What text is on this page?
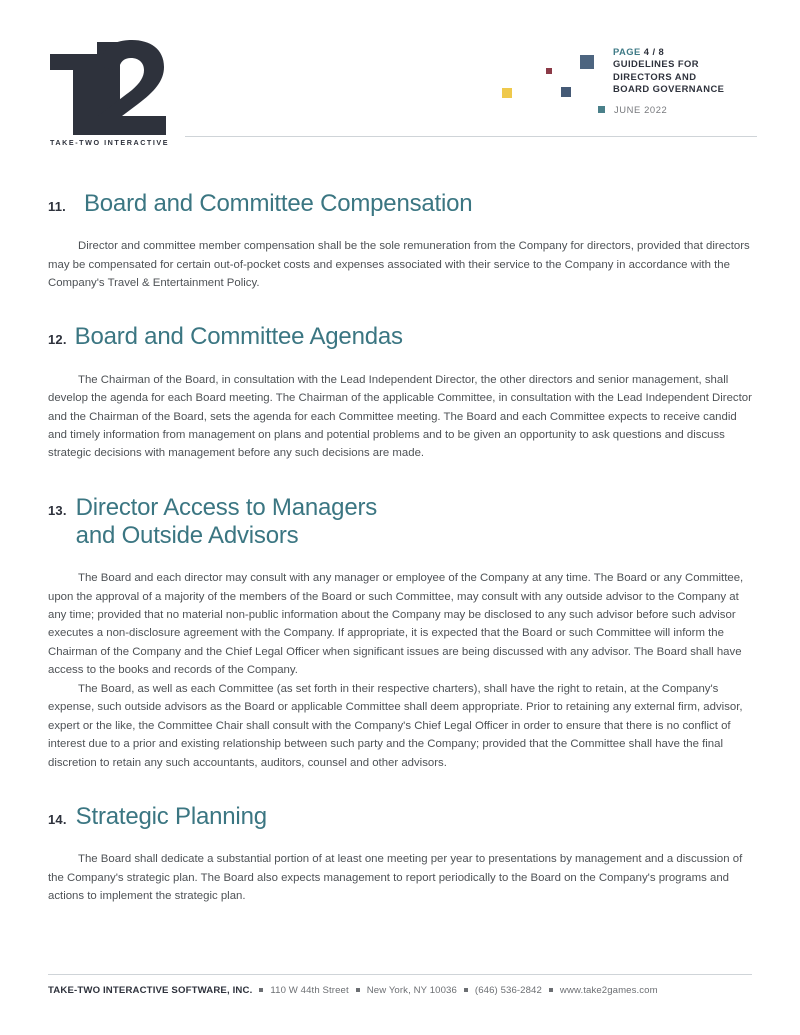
TAKE-TWO INTERACTIVE
PAGE 4 / 8
GUIDELINES FOR
DIRECTORS AND
BOARD GOVERNANCE
JUNE 2022
11. Board and Committee Compensation

Director and committee member compensation shall be the sole remuneration from the Company for directors, provided that directors may be compensated for certain out-of-pocket costs and expenses associated with their service to the Company in accordance with the Company's Travel & Entertainment Policy.

12. Board and Committee Agendas

The Chairman of the Board, in consultation with the Lead Independent Director, the other directors and senior management, shall develop the agenda for each Board meeting. The Chairman of the applicable Committee, in consultation with the Lead Independent Director and the Chairman of the Board, sets the agenda for each Committee meeting. The Board and each Committee expects to receive candid and timely information from management on plans and potential problems and to be given an opportunity to ask questions and discuss strategic decisions with management before any such decisions are made.

13. Director Access to Managers
and Outside Advisors

The Board and each director may consult with any manager or employee of the Company at any time. The Board or any Committee, upon the approval of a majority of the members of the Board or such Committee, may consult with any outside advisor to the Company at any time; provided that no material non-public information about the Company may be disclosed to any such advisor before such advisor executes a non-disclosure agreement with the Company. If appropriate, it is expected that the Board or such Committee will inform the Chairman of the Company and the Chief Legal Officer when significant issues are being discussed with any advisor. The Board shall have access to the books and records of the Company.

The Board, as well as each Committee (as set forth in their respective charters), shall have the right to retain, at the Company's expense, such outside advisors as the Board or applicable Committee shall deem appropriate. Prior to retaining any external firm, advisor, expert or the like, the Committee Chair shall consult with the Company's Chief Legal Officer in order to ensure that there is no conflict of interest due to a prior and existing relationship between such party and the Company; provided that the Committee shall have the final discretion to retain any such accountants, auditors, counsel and other advisors.

14. Strategic Planning

The Board shall dedicate a substantial portion of at least one meeting per year to presentations by management and a discussion of the Company's strategic plan. The Board also expects management to report periodically to the Board on the Company's programs and actions to implement the strategic plan.

TAKE-TWO INTERACTIVE SOFTWARE, INC. 110 W 44th Street New York, NY 10036 (646) 536-2842 www.take2games.com
